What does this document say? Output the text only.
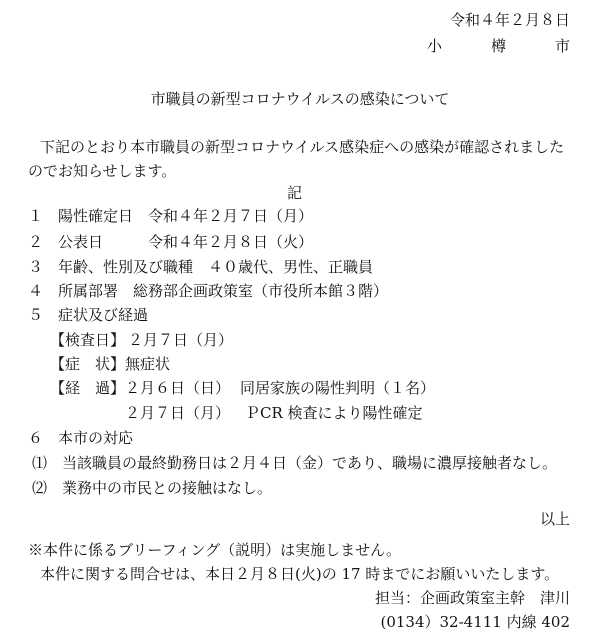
令和４年２月８日
小　樽　市
市職員の新型コロナウイルスの感染について
下記のとおり本市職員の新型コロナウイルス感染症への感染が確認されました
のでお知らせします。
記
１ 陽性確定日 令和４年２月７日（月）
２ 公表日	令和４年２月８日（火）
３ 年齢、性別及び職種 ４０歳代、男性、正職員
４ 所属部署 総務部企画政策室（市役所本館３階）
５ 症状及び経過
【検査日】 ２月７日（月）
【症　状】 無症状
【経　過】 ２月６日（日） 同居家族の陽性判明（１名）
２月７日（月） ＰCR 検査により陽性確定
６ 本市の対応
⑴ 当該職員の最終勤務日は２月４日（金）であり、職場に濃厚接触者なし。
⑵ 業務中の市民との接触はなし。
以上
※本件に係るブリーフィング（説明）は実施しません。
本件に関する問合せは、本日２月８日(火)の 17 時までにお願いいたします。
担当：企画政策室主幹　津川
(0134）32-4111 内線 402
